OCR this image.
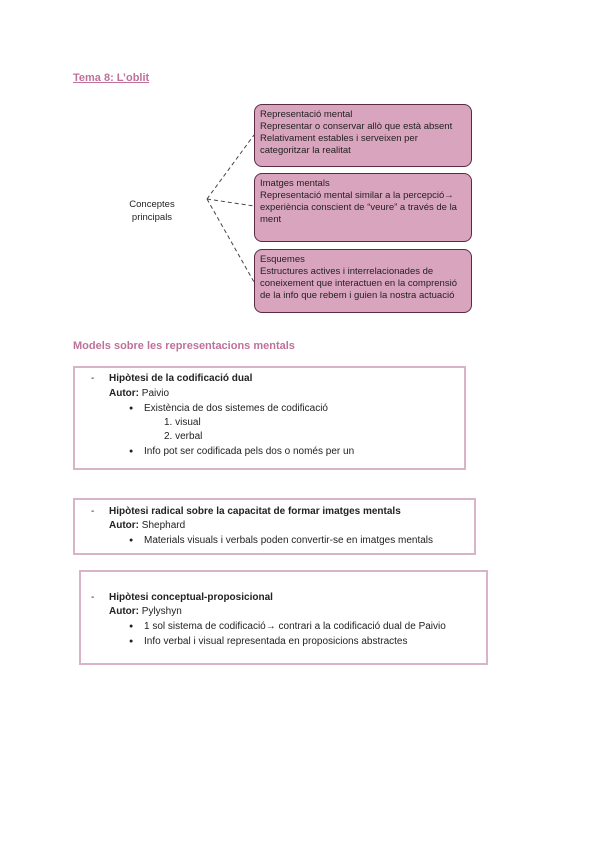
Tema 8: L’oblit
Conceptes
principals
Representació mental
Representar o conservar allò que està absent
Relativament estables i serveixen per
categoritzar la realitat
Imatges mentals
Representació mental similar a la percepció→
experiència conscient de “veure” a través de la
ment
Esquemes
Estructures actives i interrelacionades de
coneixement que interactuen en la comprensió
de la info que rebem i guien la nostra actuació
Models sobre les representacions mentals
- Hipòtesi de la codificació dual
Autor: Paivio
Existència de dos sistemes de codificació
1. visual
2. verbal
Info pot ser codificada pels dos o només per un
- Hipòtesi radical sobre la capacitat de formar imatges mentals
Autor: Shephard
Materials visuals i verbals poden convertir-se en imatges mentals
- Hipòtesi conceptual-proposicional
Autor: Pylyshyn
1 sol sistema de codificació→ contrari a la codificació dual de Paivio
Info verbal i visual representada en proposicions abstractes
